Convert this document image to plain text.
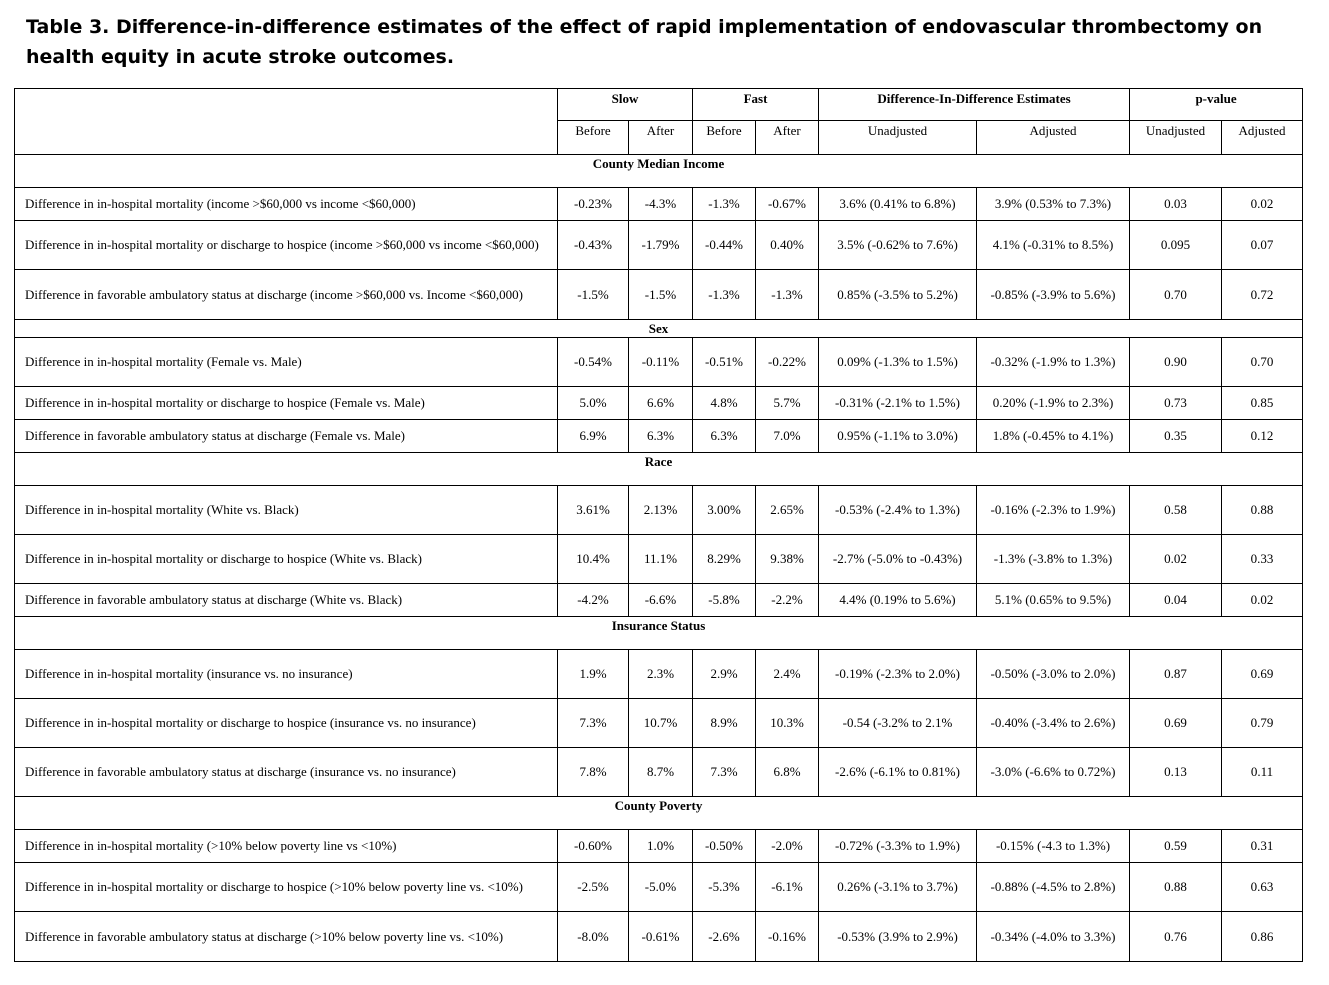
Table 3. Difference-in-difference estimates of the effect of rapid implementation of endovascular thrombectomy on health equity in acute stroke outcomes.
	Slow		Fast		Difference-In-Difference Estimates		p-value	
	Before	After	Before	After	Unadjusted	Adjusted	Unadjusted	Adjusted
County Median Income								
Difference in in-hospital mortality (income >$60,000 vs income <$60,000)	-0.23%	-4.3%	-1.3%	-0.67%	3.6% (0.41% to 6.8%)	3.9% (0.53% to 7.3%)	0.03	0.02
Difference in in-hospital mortality or discharge to hospice (income >$60,000 vs income <$60,000)	-0.43%	-1.79%	-0.44%	0.40%	3.5% (-0.62% to 7.6%)	4.1% (-0.31% to 8.5%)	0.095	0.07
Difference in favorable ambulatory status at discharge (income >$60,000 vs. Income <$60,000)	-1.5%	-1.5%	-1.3%	-1.3%	0.85% (-3.5% to 5.2%)	-0.85% (-3.9% to 5.6%)	0.70	0.72
Sex								
Difference in in-hospital mortality (Female vs. Male)	-0.54%	-0.11%	-0.51%	-0.22%	0.09% (-1.3% to 1.5%)	-0.32% (-1.9% to 1.3%)	0.90	0.70
Difference in in-hospital mortality or discharge to hospice (Female vs. Male)	5.0%	6.6%	4.8%	5.7%	-0.31% (-2.1% to 1.5%)	0.20% (-1.9% to 2.3%)	0.73	0.85
Difference in favorable ambulatory status at discharge (Female vs. Male)	6.9%	6.3%	6.3%	7.0%	0.95% (-1.1% to 3.0%)	1.8% (-0.45% to 4.1%)	0.35	0.12
Race								
Difference in in-hospital mortality (White vs. Black)	3.61%	2.13%	3.00%	2.65%	-0.53% (-2.4% to 1.3%)	-0.16% (-2.3% to 1.9%)	0.58	0.88
Difference in in-hospital mortality or discharge to hospice (White vs. Black)	10.4%	11.1%	8.29%	9.38%	-2.7% (-5.0% to -0.43%)	-1.3% (-3.8% to 1.3%)	0.02	0.33
Difference in favorable ambulatory status at discharge (White vs. Black)	-4.2%	-6.6%	-5.8%	-2.2%	4.4% (0.19% to 5.6%)	5.1% (0.65% to 9.5%)	0.04	0.02
Insurance Status								
Difference in in-hospital mortality (insurance vs. no insurance)	1.9%	2.3%	2.9%	2.4%	-0.19% (-2.3% to 2.0%)	-0.50% (-3.0% to 2.0%)	0.87	0.69
Difference in in-hospital mortality or discharge to hospice (insurance vs. no insurance)	7.3%	10.7%	8.9%	10.3%	-0.54 (-3.2% to 2.1%	-0.40% (-3.4% to 2.6%)	0.69	0.79
Difference in favorable ambulatory status at discharge (insurance vs. no insurance)	7.8%	8.7%	7.3%	6.8%	-2.6% (-6.1% to 0.81%)	-3.0% (-6.6% to 0.72%)	0.13	0.11
County Poverty								
Difference in in-hospital mortality (>10% below poverty line vs <10%)	-0.60%	1.0%	-0.50%	-2.0%	-0.72% (-3.3% to 1.9%)	-0.15% (-4.3 to 1.3%)	0.59	0.31
Difference in in-hospital mortality or discharge to hospice (>10% below poverty line vs. <10%)	-2.5%	-5.0%	-5.3%	-6.1%	0.26% (-3.1% to 3.7%)	-0.88% (-4.5% to 2.8%)	0.88	0.63
Difference in favorable ambulatory status at discharge (>10% below poverty line vs. <10%)	-8.0%	-0.61%	-2.6%	-0.16%	-0.53% (3.9% to 2.9%)	-0.34% (-4.0% to 3.3%)	0.76	0.86
